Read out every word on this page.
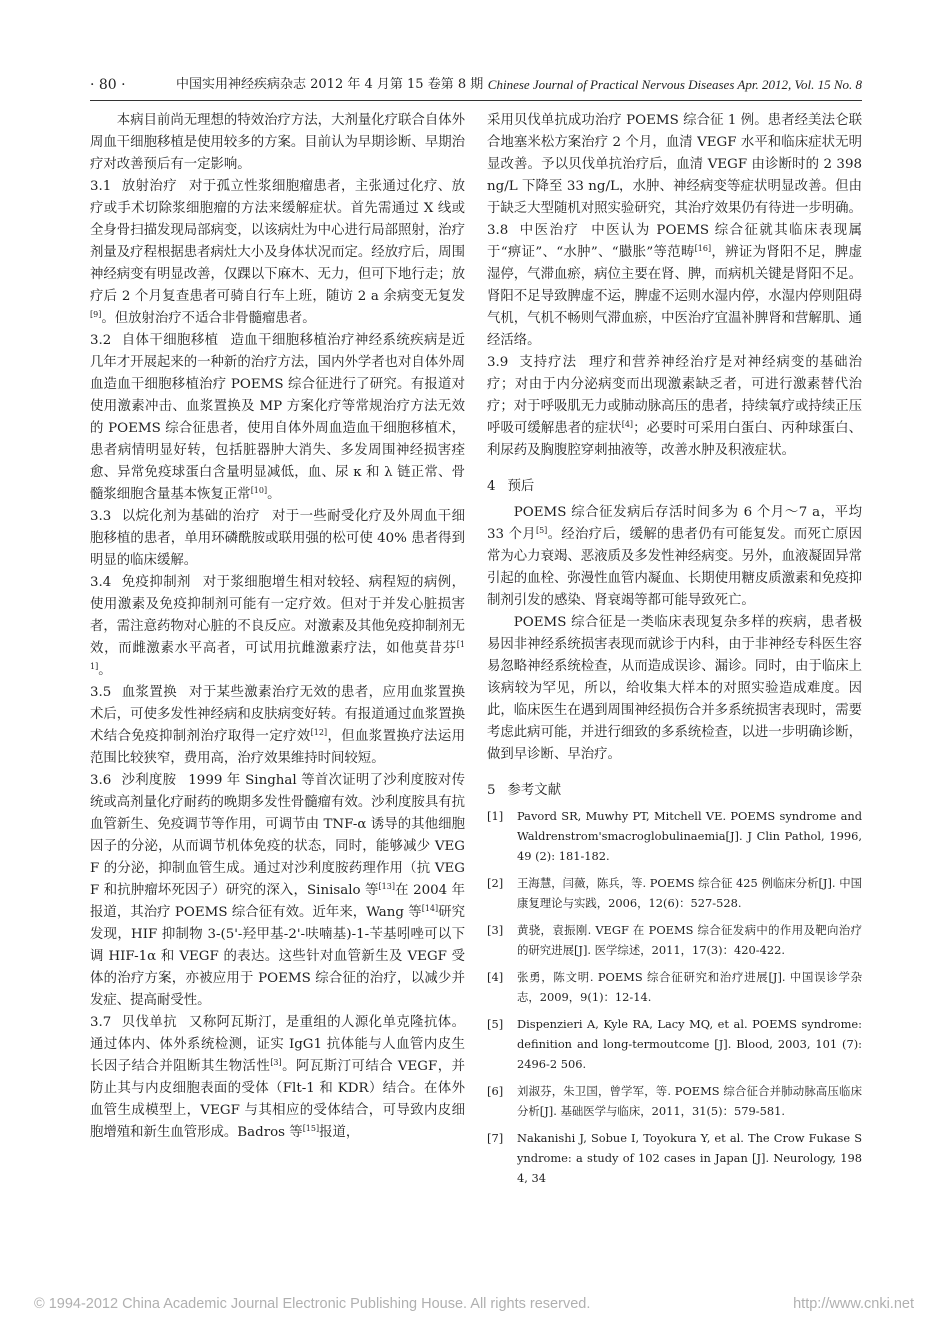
· 80 ·	中国实用神经疾病杂志 2012 年 4 月第 15 卷第 8 期 Chinese Journal of Practical Nervous Diseases Apr. 2012, Vol. 15 No. 8

本病目前尚无理想的特效治疗方法，大剂量化疗联合自体外周血干细胞移植是使用较多的方案。目前认为早期诊断、早期治疗对改善预后有一定影响。

3.1 放射治疗 对于孤立性浆细胞瘤患者，主张通过化疗、放疗或手术切除浆细胞瘤的方法来缓解症状。首先需通过 X 线或全身骨扫描发现局部病变，以该病灶为中心进行局部照射，治疗剂量及疗程根据患者病灶大小及身体状况而定。经放疗后，周围神经病变有明显改善，仅踝以下麻木、无力，但可下地行走；放疗后 2 个月复查患者可骑自行车上班，随访 2 a 余病变无复发[9]。但放射治疗不适合非骨髓瘤患者。

3.2 自体干细胞移植 造血干细胞移植治疗神经系统疾病是近几年才开展起来的一种新的治疗方法，国内外学者也对自体外周血造血干细胞移植治疗 POEMS 综合征进行了研究。有报道对使用激素冲击、血浆置换及 MP 方案化疗等常规治疗方法无效的 POEMS 综合征患者，使用自体外周血造血干细胞移植术，患者病情明显好转，包括脏器肿大消失、多发周围神经损害痊愈、异常免疫球蛋白含量明显减低，血、尿 κ 和 λ 链正常、骨髓浆细胞含量基本恢复正常[10]。

3.3 以烷化剂为基础的治疗 对于一些耐受化疗及外周血干细胞移植的患者，单用环磷酰胺或联用强的松可使 40% 患者得到明显的临床缓解。

3.4 免疫抑制剂 对于浆细胞增生相对较轻、病程短的病例，使用激素及免疫抑制剂可能有一定疗效。但对于并发心脏损害者，需注意药物对心脏的不良反应。对激素及其他免疫抑制剂无效，而雌激素水平高者，可试用抗雌激素疗法，如他莫昔芬[11]。

3.5 血浆置换 对于某些激素治疗无效的患者，应用血浆置换术后，可使多发性神经病和皮肤病变好转。有报道通过血浆置换术结合免疫抑制剂治疗取得一定疗效[12]，但血浆置换疗法运用范围比较狭窄，费用高，治疗效果维持时间较短。

3.6 沙利度胺 1999 年 Singhal 等首次证明了沙利度胺对传统或高剂量化疗耐药的晚期多发性骨髓瘤有效。沙利度胺具有抗血管新生、免疫调节等作用，可调节由 TNF-α 诱导的其他细胞因子的分泌，从而调节机体免疫的状态，同时，能够减少 VEGF 的分泌，抑制血管生成。通过对沙利度胺药理作用（抗 VEGF 和抗肿瘤坏死因子）研究的深入，Sinisalo 等[13]在 2004 年报道，其治疗 POEMS 综合征有效。近年来，Wang 等[14]研究发现，HIF 抑制物 3-(5'-羟甲基-2'-呋喃基)-1-苄基吲唑可以下调 HIF-1α 和 VEGF 的表达。这些针对血管新生及 VEGF 受体的治疗方案，亦被应用于 POEMS 综合征的治疗，以减少并发症、提高耐受性。

3.7 贝伐单抗 又称阿瓦斯汀，是重组的人源化单克隆抗体。通过体内、体外系统检测，证实 IgG1 抗体能与人血管内皮生长因子结合并阻断其生物活性[3]。阿瓦斯汀可结合 VEGF，并防止其与内皮细胞表面的受体（Flt-1 和 KDR）结合。在体外血管生成模型上，VEGF 与其相应的受体结合，可导致内皮细胞增殖和新生血管形成。Badros 等[15]报道，

采用贝伐单抗成功治疗 POEMS 综合征 1 例。患者经美法仑联合地塞米松方案治疗 2 个月，血清 VEGF 水平和临床症状无明显改善。予以贝伐单抗治疗后，血清 VEGF 由诊断时的 2 398 ng/L 下降至 33 ng/L，水肿、神经病变等症状明显改善。但由于缺乏大型随机对照实验研究，其治疗效果仍有待进一步明确。

3.8 中医治疗 中医认为 POEMS 综合征就其临床表现属于“痹证”、“水肿”、“臌胀”等范畴[16]，辨证为肾阳不足，脾虚湿停，气滞血瘀，病位主要在肾、脾，而病机关键是肾阳不足。肾阳不足导致脾虚不运，脾虚不运则水湿内停，水湿内停则阻碍气机，气机不畅则气滞血瘀，中医治疗宜温补脾肾和营解肌、通经活络。

3.9 支持疗法 理疗和营养神经治疗是对神经病变的基础治疗；对由于内分泌病变而出现激素缺乏者，可进行激素替代治疗；对于呼吸肌无力或肺动脉高压的患者，持续氧疗或持续正压呼吸可缓解患者的症状[4]；必要时可采用白蛋白、丙种球蛋白、利尿药及胸腹腔穿刺抽液等，改善水肿及积液症状。

4 预后

POEMS 综合征发病后存活时间多为 6 个月～7 a，平均 33 个月[5]。经治疗后，缓解的患者仍有可能复发。而死亡原因常为心力衰竭、恶液质及多发性神经病变。另外，血液凝固异常引起的血栓、弥漫性血管内凝血、长期使用糖皮质激素和免疫抑制剂引发的感染、肾衰竭等都可能导致死亡。

POEMS 综合征是一类临床表现复杂多样的疾病，患者极易因非神经系统损害表现而就诊于内科，由于非神经专科医生容易忽略神经系统检查，从而造成误诊、漏诊。同时，由于临床上该病较为罕见，所以，给收集大样本的对照实验造成难度。因此，临床医生在遇到周围神经损伤合并多系统损害表现时，需要考虑此病可能，并进行细致的多系统检查，以进一步明确诊断，做到早诊断、早治疗。

5 参考文献
[1]	Pavord SR, Muwhy PT, Mitchell VE. POEMS syndrome and Waldrenstrom'smacroglobulinaemia[J]. J Clin Pathol, 1996, 49 (2): 181-182.
[2]	王海慧，闫薇，陈兵，等. POEMS 综合征 425 例临床分析[J]. 中国康复理论与实践，2006，12(6)：527-528.
[3]	黄骁，袁振刚. VEGF 在 POEMS 综合征发病中的作用及靶向治疗的研究进展[J]. 医学综述，2011，17(3)：420-422.
[4]	张勇，陈文明. POEMS 综合征研究和治疗进展[J]. 中国误诊学杂志，2009，9(1)：12-14.
[5]	Dispenzieri A, Kyle RA, Lacy MQ, et al. POEMS syndrome: definition and long-termoutcome [J]. Blood, 2003, 101 (7): 2496-2 506.
[6]	刘淑芬，朱卫国，曾学军，等. POEMS 综合征合并肺动脉高压临床分析[J]. 基础医学与临床，2011，31(5)：579-581.
[7]	Nakanishi J, Sobue I, Toyokura Y, et al. The Crow Fukase Syndrome: a study of 102 cases in Japan [J]. Neurology, 1984, 34
© 1994-2012 China Academic Journal Electronic Publishing House. All rights reserved.	http://www.cnki.net
